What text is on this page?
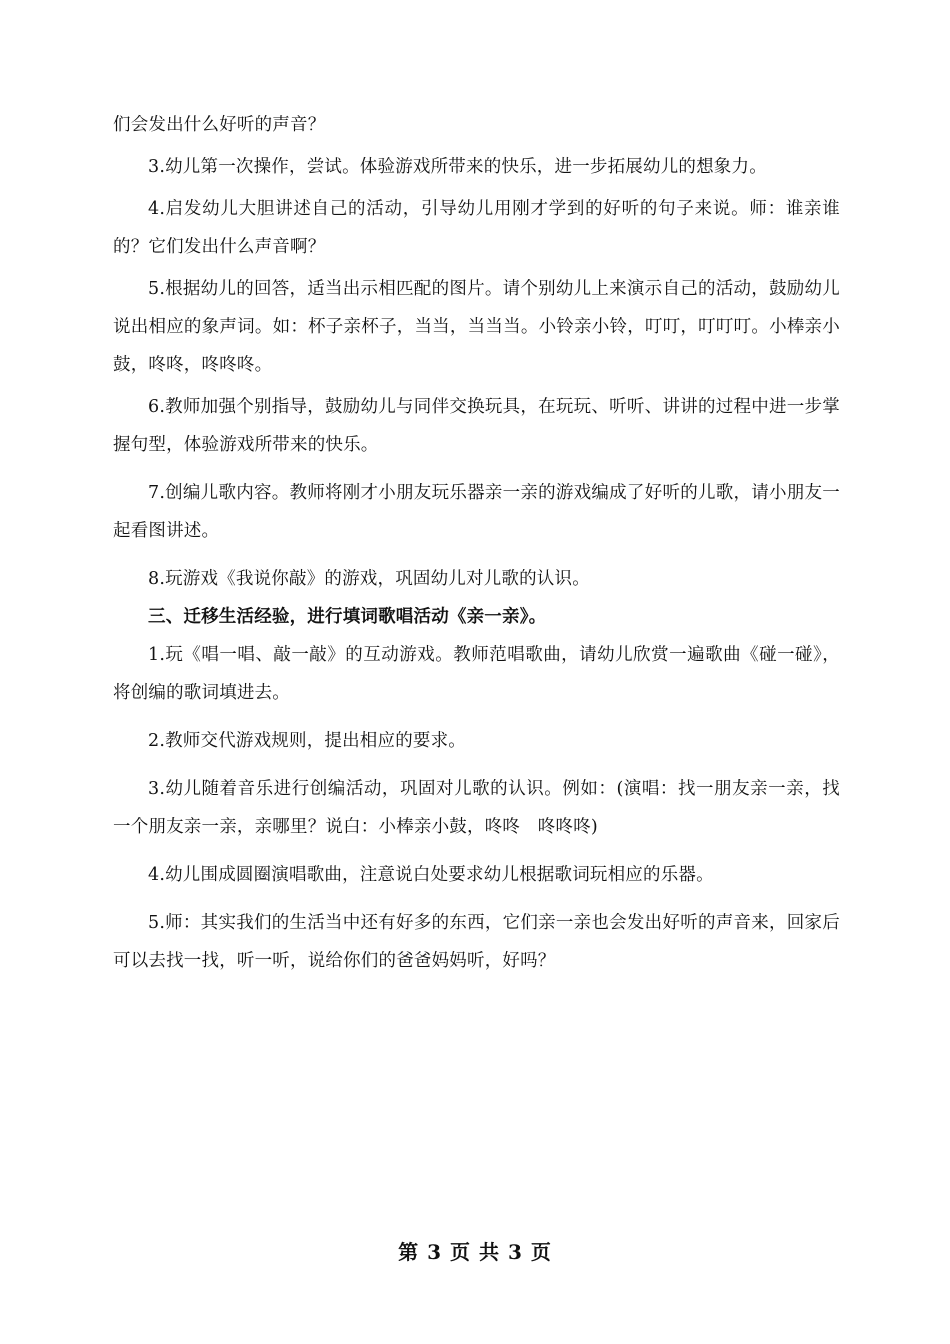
们会发出什么好听的声音？

3.幼儿第一次操作，尝试。体验游戏所带来的快乐，进一步拓展幼儿的想象力。

4.启发幼儿大胆讲述自己的活动，引导幼儿用刚才学到的好听的句子来说。师：谁亲谁的？它们发出什么声音啊？

5.根据幼儿的回答，适当出示相匹配的图片。请个别幼儿上来演示自己的活动，鼓励幼儿说出相应的象声词。如：杯子亲杯子，当当，当当当。小铃亲小铃，叮叮，叮叮叮。小棒亲小鼓，咚咚，咚咚咚。

6.教师加强个别指导，鼓励幼儿与同伴交换玩具，在玩玩、听听、讲讲的过程中进一步掌握句型，体验游戏所带来的快乐。

7.创编儿歌内容。教师将刚才小朋友玩乐器亲一亲的游戏编成了好听的儿歌，请小朋友一起看图讲述。

8.玩游戏《我说你敲》的游戏，巩固幼儿对儿歌的认识。

三、迁移生活经验，进行填词歌唱活动《亲一亲》。

1.玩《唱一唱、敲一敲》的互动游戏。教师范唱歌曲，请幼儿欣赏一遍歌曲《碰一碰》，将创编的歌词填进去。

2.教师交代游戏规则，提出相应的要求。

3.幼儿随着音乐进行创编活动，巩固对儿歌的认识。例如：(演唱：找一朋友亲一亲，找一个朋友亲一亲，亲哪里？说白：小棒亲小鼓，咚咚　咚咚咚)

4.幼儿围成圆圈演唱歌曲，注意说白处要求幼儿根据歌词玩相应的乐器。

5.师：其实我们的生活当中还有好多的东西，它们亲一亲也会发出好听的声音来，回家后可以去找一找，听一听，说给你们的爸爸妈妈听，好吗？

第 3 页 共 3 页
